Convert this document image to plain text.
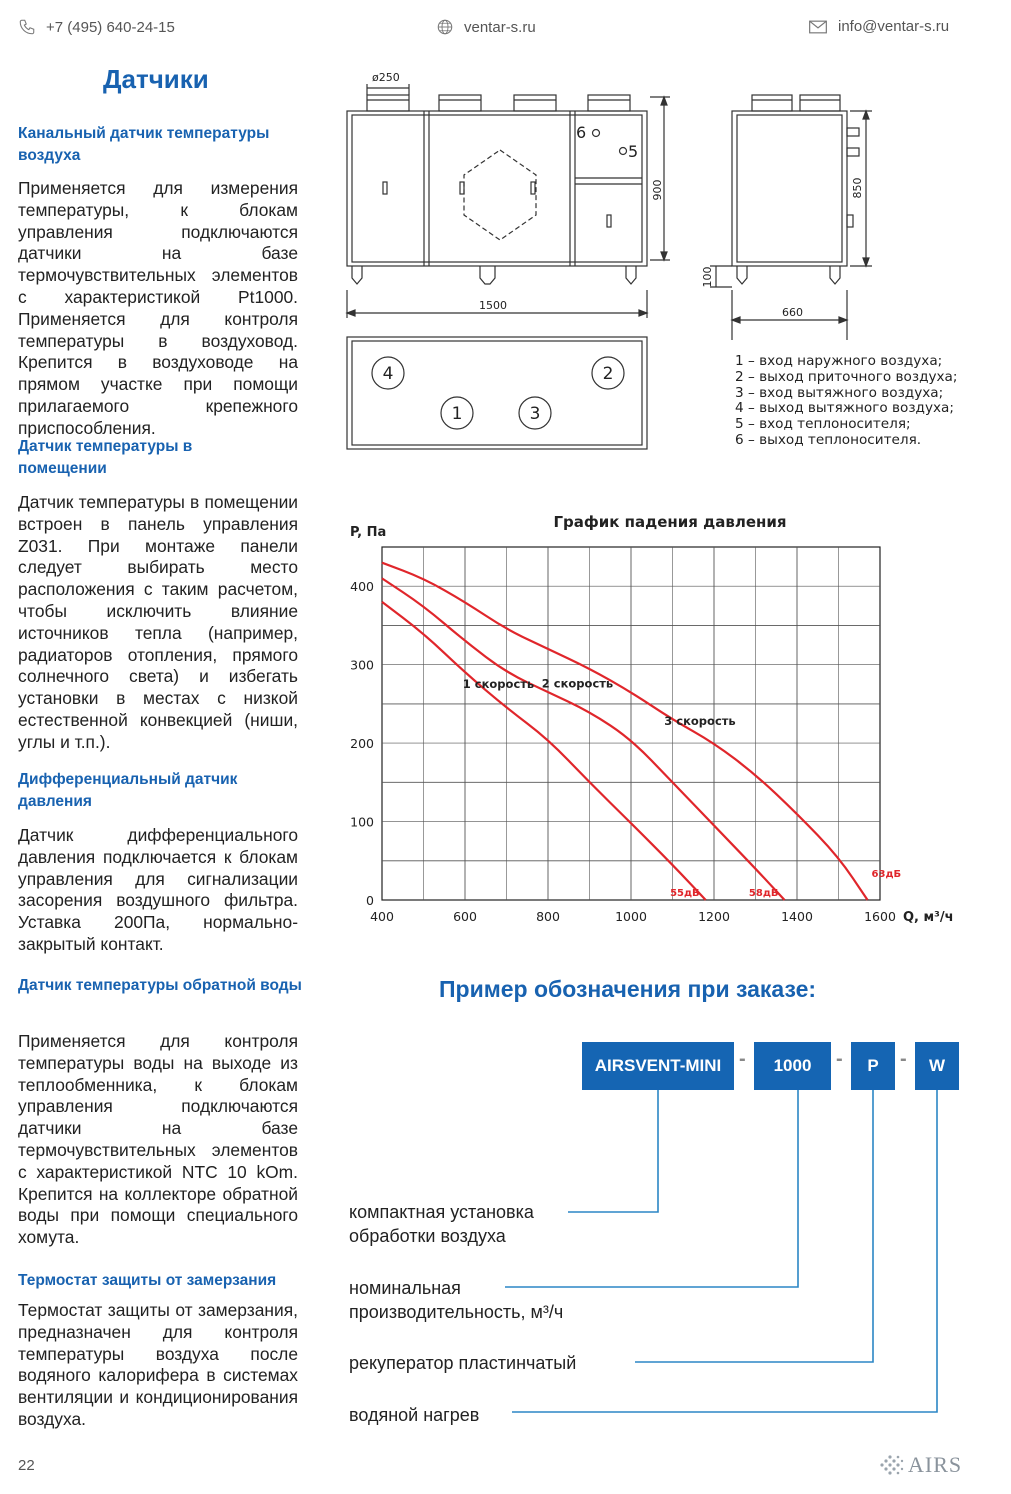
+7 (495) 640-24-15	ventar-s.ru	info@ventar-s.ru
Датчики
Канальный датчик температуры воздуха
Применяется для измерения температуры, к блокам управления подключаются датчики на базе термочувствительных элементов с характеристикой Pt1000. Применяется для контроля температуры в воздуховод. Крепится в воздуховоде на прямом участке при помощи прилагаемого крепежного приспособления.
Датчик температуры в помещении
Датчик температуры в помещении встроен в панель управления Z031. При монтаже панели следует выбирать место расположения с таким расчетом, чтобы исключить влияние источников тепла (например, радиаторов отопления, прямого солнечного света) и избегать установки в местах с низкой естественной конвекцией (ниши, углы и т.п.).
Дифференциальный датчик давления
Датчик дифференциального давления подключается к блокам управления для сигнализации засорения воздушного фильтра. Уставка 200Па, нормально-закрытый контакт.
Датчик температуры обратной воды
Применяется для контроля температуры воды на выходе из теплообменника, к блокам управления подключаются датчики на базе термочувствительных элементов с характеристикой NTC 10 kOm. Крепится на коллекторе обратной воды при помощи специального хомута.
Термостат защиты от замерзания
Термостат защиты от замерзания, предназначен для контроля температуры воздуха после водяного калорифера в системах вентиляции и кондиционирования воздуха.
ø250
1500
900
6
5
850
100
660
4	2
1	3
1 – вход наружного воздуха;
2 – выход приточного воздуха;
3 – вход вытяжного воздуха;
4 – выход вытяжного воздуха;
5 – вход теплоносителя;
6 – выход теплоносителя.
График падения давления
P, Па
Q, м³/ч
400	600	800	1000	1200	1400	1600
0
100
200
300
400
1 скорость
55дБ
2 скорость
58дБ
3 скорость
63дБ
Пример обозначения при заказе:
AIRSVENT-MINI -	1000	-	P	-	W
компактная установка обработки воздуха
номинальная производительность, м³/ч
рекуператор пластинчатый
водяной нагрев
22	AIRS
